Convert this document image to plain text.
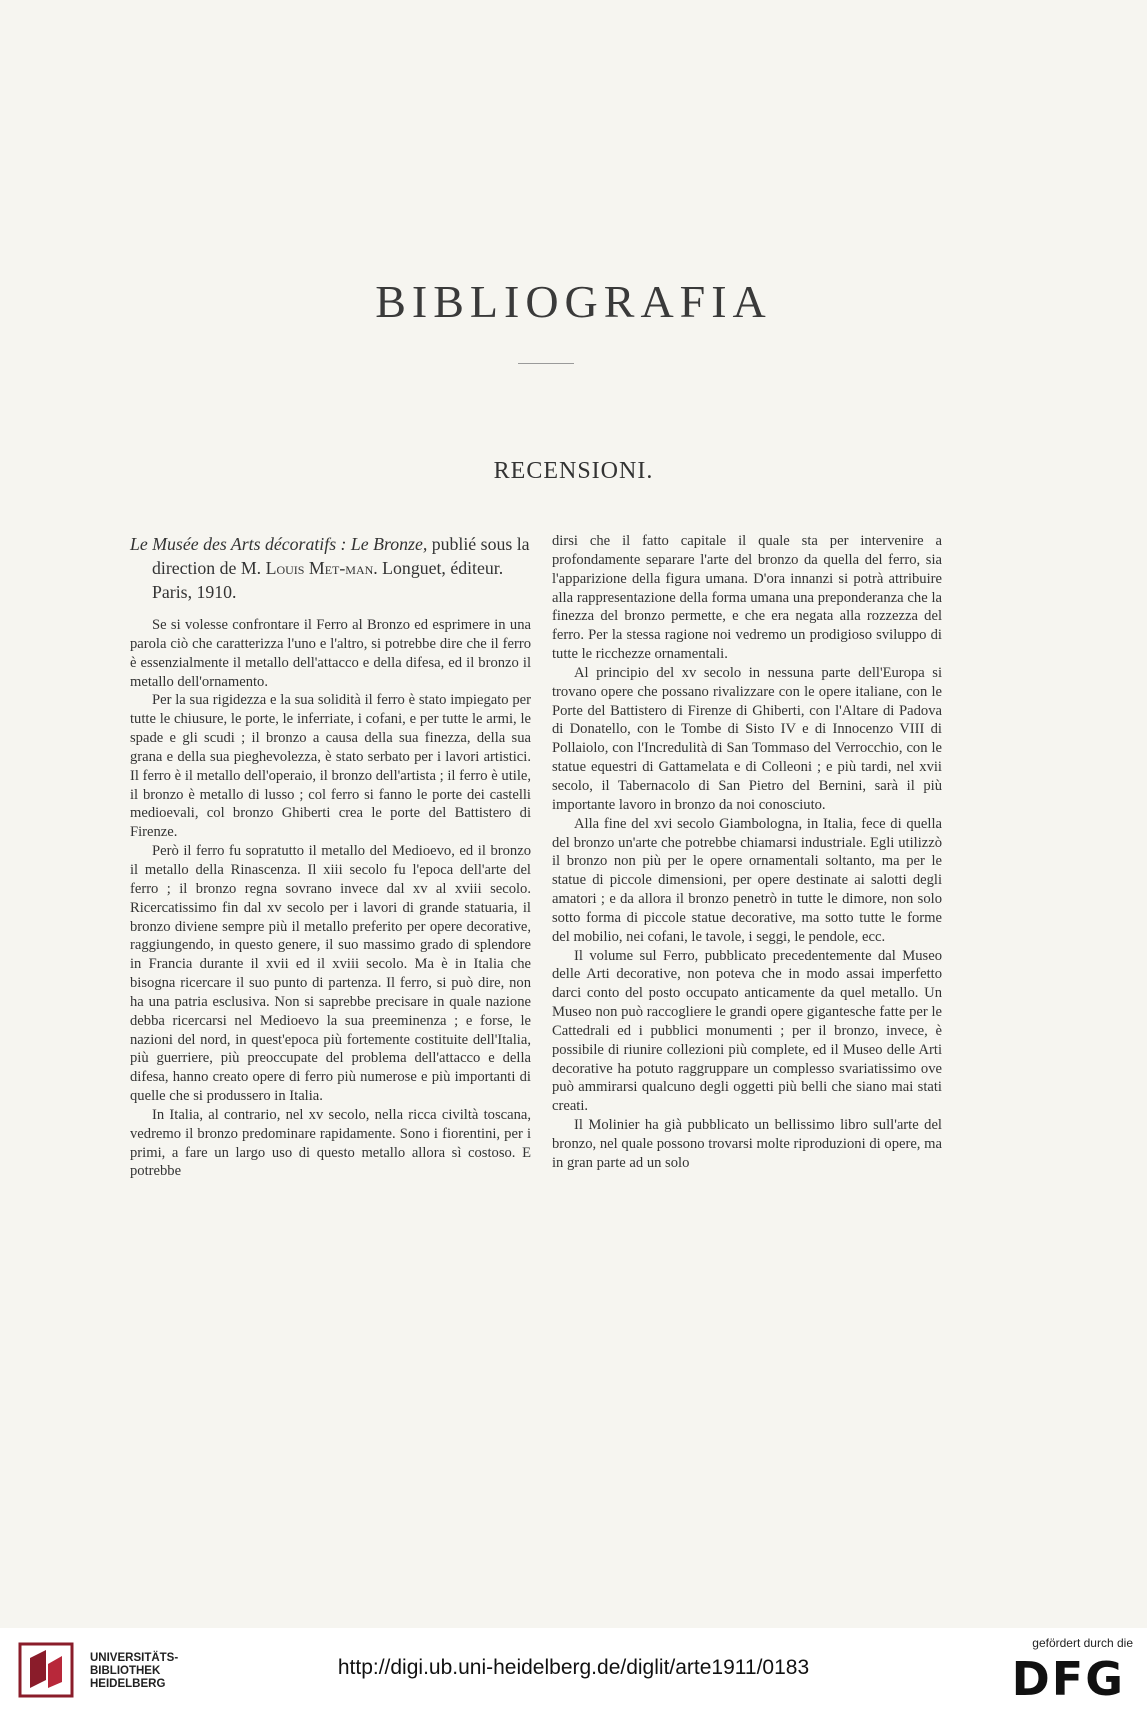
BIBLIOGRAFIA
RECENSIONI.
Le Musée des Arts décoratifs : Le Bronze, publié sous la direction de M. Louis Met-man. Longuet, éditeur. Paris, 1910.

Se si volesse confrontare il Ferro al Bronzo ed esprimere in una parola ciò che caratterizza l'uno e l'altro, si potrebbe dire che il ferro è essenzialmente il metallo dell'attacco e della difesa, ed il bronzo il metallo dell'ornamento.

Per la sua rigidezza e la sua solidità il ferro è stato impiegato per tutte le chiusure, le porte, le inferriate, i cofani, e per tutte le armi, le spade e gli scudi ; il bronzo a causa della sua finezza, della sua grana e della sua pieghevolezza, è stato serbato per i lavori artistici. Il ferro è il metallo dell'operaio, il bronzo dell'artista ; il ferro è utile, il bronzo è metallo di lusso ; col ferro si fanno le porte dei castelli medioevali, col bronzo Ghiberti crea le porte del Battistero di Firenze.

Però il ferro fu sopratutto il metallo del Medioevo, ed il bronzo il metallo della Rinascenza. Il xiii secolo fu l'epoca dell'arte del ferro ; il bronzo regna sovrano invece dal xv al xviii secolo. Ricercatissimo fin dal xv secolo per i lavori di grande statuaria, il bronzo diviene sempre più il metallo preferito per opere decorative, raggiungendo, in questo genere, il suo massimo grado di splendore in Francia durante il xvii ed il xviii secolo. Ma è in Italia che bisogna ricercare il suo punto di partenza. Il ferro, si può dire, non ha una patria esclusiva. Non si saprebbe precisare in quale nazione debba ricercarsi nel Medioevo la sua preeminenza ; e forse, le nazioni del nord, in quest'epoca più fortemente costituite dell'Italia, più guerriere, più preoccupate del problema dell'attacco e della difesa, hanno creato opere di ferro più numerose e più importanti di quelle che si produssero in Italia.

In Italia, al contrario, nel xv secolo, nella ricca civiltà toscana, vedremo il bronzo predominare rapidamente. Sono i fiorentini, per i primi, a fare un largo uso di questo metallo allora sì costoso. E potrebbe

dirsi che il fatto capitale il quale sta per intervenire a profondamente separare l'arte del bronzo da quella del ferro, sia l'apparizione della figura umana. D'ora innanzi si potrà attribuire alla rappresentazione della forma umana una preponderanza che la finezza del bronzo permette, e che era negata alla rozzezza del ferro. Per la stessa ragione noi vedremo un prodigioso sviluppo di tutte le ricchezze ornamentali.

Al principio del xv secolo in nessuna parte dell'Europa si trovano opere che possano rivalizzare con le opere italiane, con le Porte del Battistero di Firenze di Ghiberti, con l'Altare di Padova di Donatello, con le Tombe di Sisto IV e di Innocenzo VIII di Pollaiolo, con l'Incredulità di San Tommaso del Verrocchio, con le statue equestri di Gattamelata e di Colleoni ; e più tardi, nel xvii secolo, il Tabernacolo di San Pietro del Bernini, sarà il più importante lavoro in bronzo da noi conosciuto.

Alla fine del xvi secolo Giambologna, in Italia, fece di quella del bronzo un'arte che potrebbe chiamarsi industriale. Egli utilizzò il bronzo non più per le opere ornamentali soltanto, ma per le statue di piccole dimensioni, per opere destinate ai salotti degli amatori ; e da allora il bronzo penetrò in tutte le dimore, non solo sotto forma di piccole statue decorative, ma sotto tutte le forme del mobilio, nei cofani, le tavole, i seggi, le pendole, ecc.

Il volume sul Ferro, pubblicato precedentemente dal Museo delle Arti decorative, non poteva che in modo assai imperfetto darci conto del posto occupato anticamente da quel metallo. Un Museo non può raccogliere le grandi opere gigantesche fatte per le Cattedrali ed i pubblici monumenti ; per il bronzo, invece, è possibile di riunire collezioni più complete, ed il Museo delle Arti decorative ha potuto raggruppare un complesso svariatissimo ove può ammirarsi qualcuno degli oggetti più belli che siano mai stati creati.

Il Molinier ha già pubblicato un bellissimo libro sull'arte del bronzo, nel quale possono trovarsi molte riproduzioni di opere, ma in gran parte ad un solo

UNIVERSITÄTS-
BIBLIOTHEK
HEIDELBERG
http://digi.ub.uni-heidelberg.de/diglit/arte1911/0183
gefördert durch die
DFG
